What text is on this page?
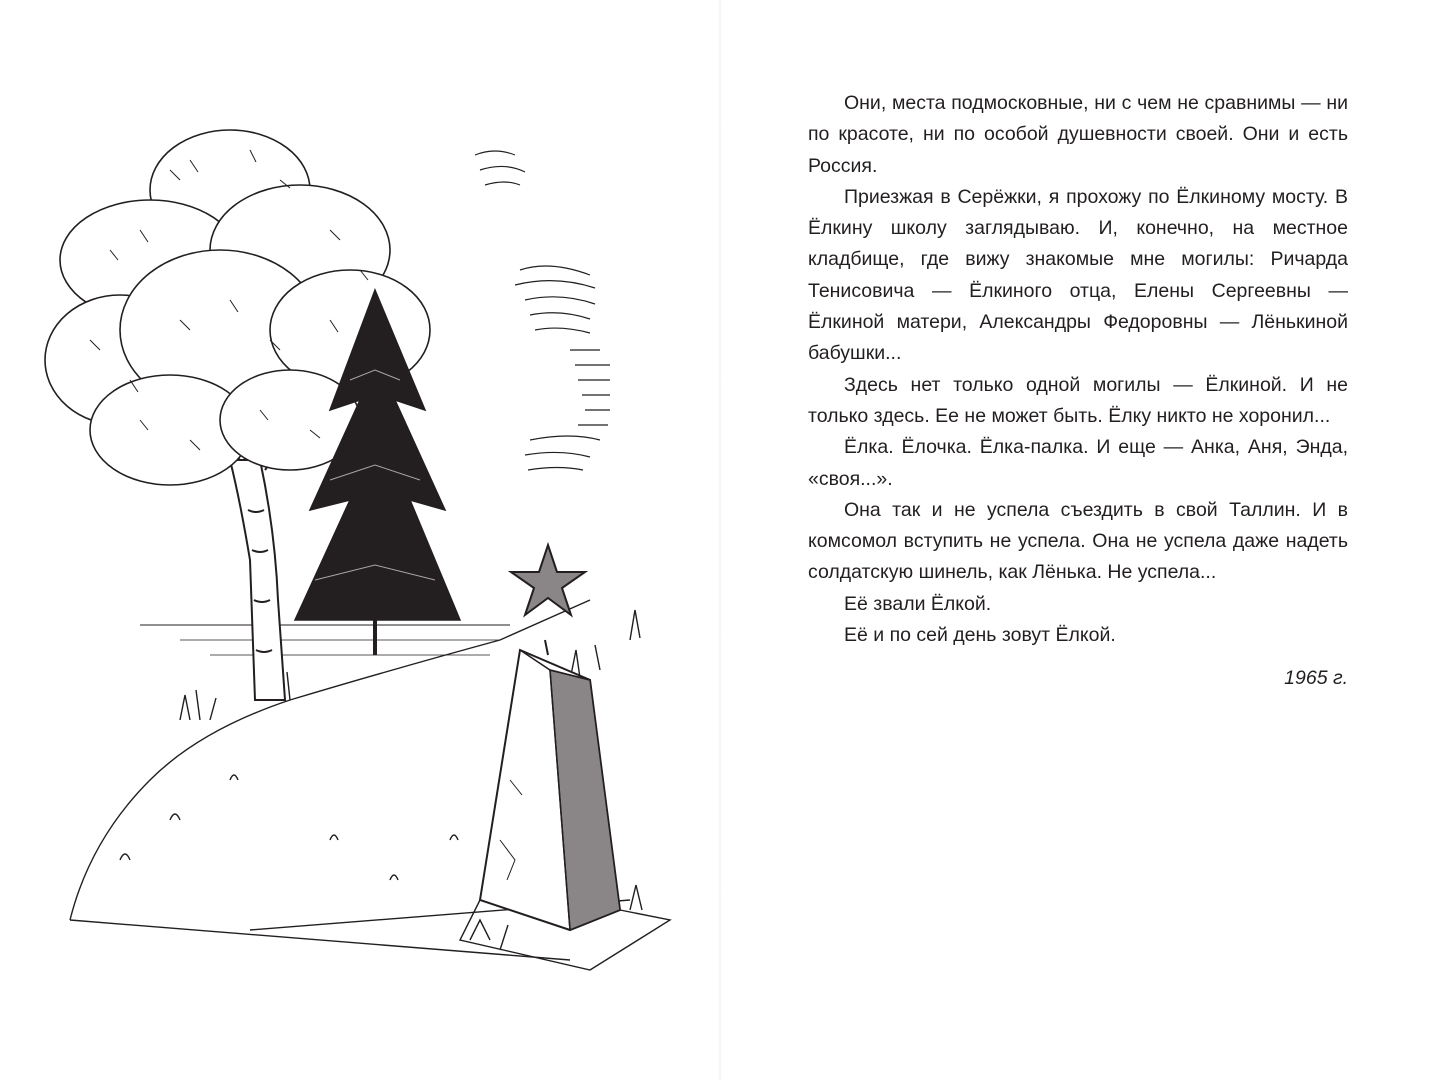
Они, места подмосковные, ни с чем не сравнимы — ни по красоте, ни по особой душевности своей. Они и есть Россия.

Приезжая в Серёжки, я прохожу по Ёлкиному мосту. В Ёлкину школу заглядываю. И, конечно, на местное кладбище, где вижу знакомые мне могилы: Ричарда Тенисовича — Ёлкиного отца, Елены Сергеевны — Ёлкиной матери, Александры Федоровны — Лёнькиной бабушки...

Здесь нет только одной могилы — Ёлкиной. И не только здесь. Ее не может быть. Ёлку никто не хоронил...

Ёлка. Ёлочка. Ёлка-палка. И еще — Анка, Аня, Энда, «своя...».

Она так и не успела съездить в свой Таллин. И в комсомол вступить не успела. Она не успела даже надеть солдатскую шинель, как Лёнька. Не успела...

Её звали Ёлкой.

Её и по сей день зовут Ёлкой.

1965 г.
